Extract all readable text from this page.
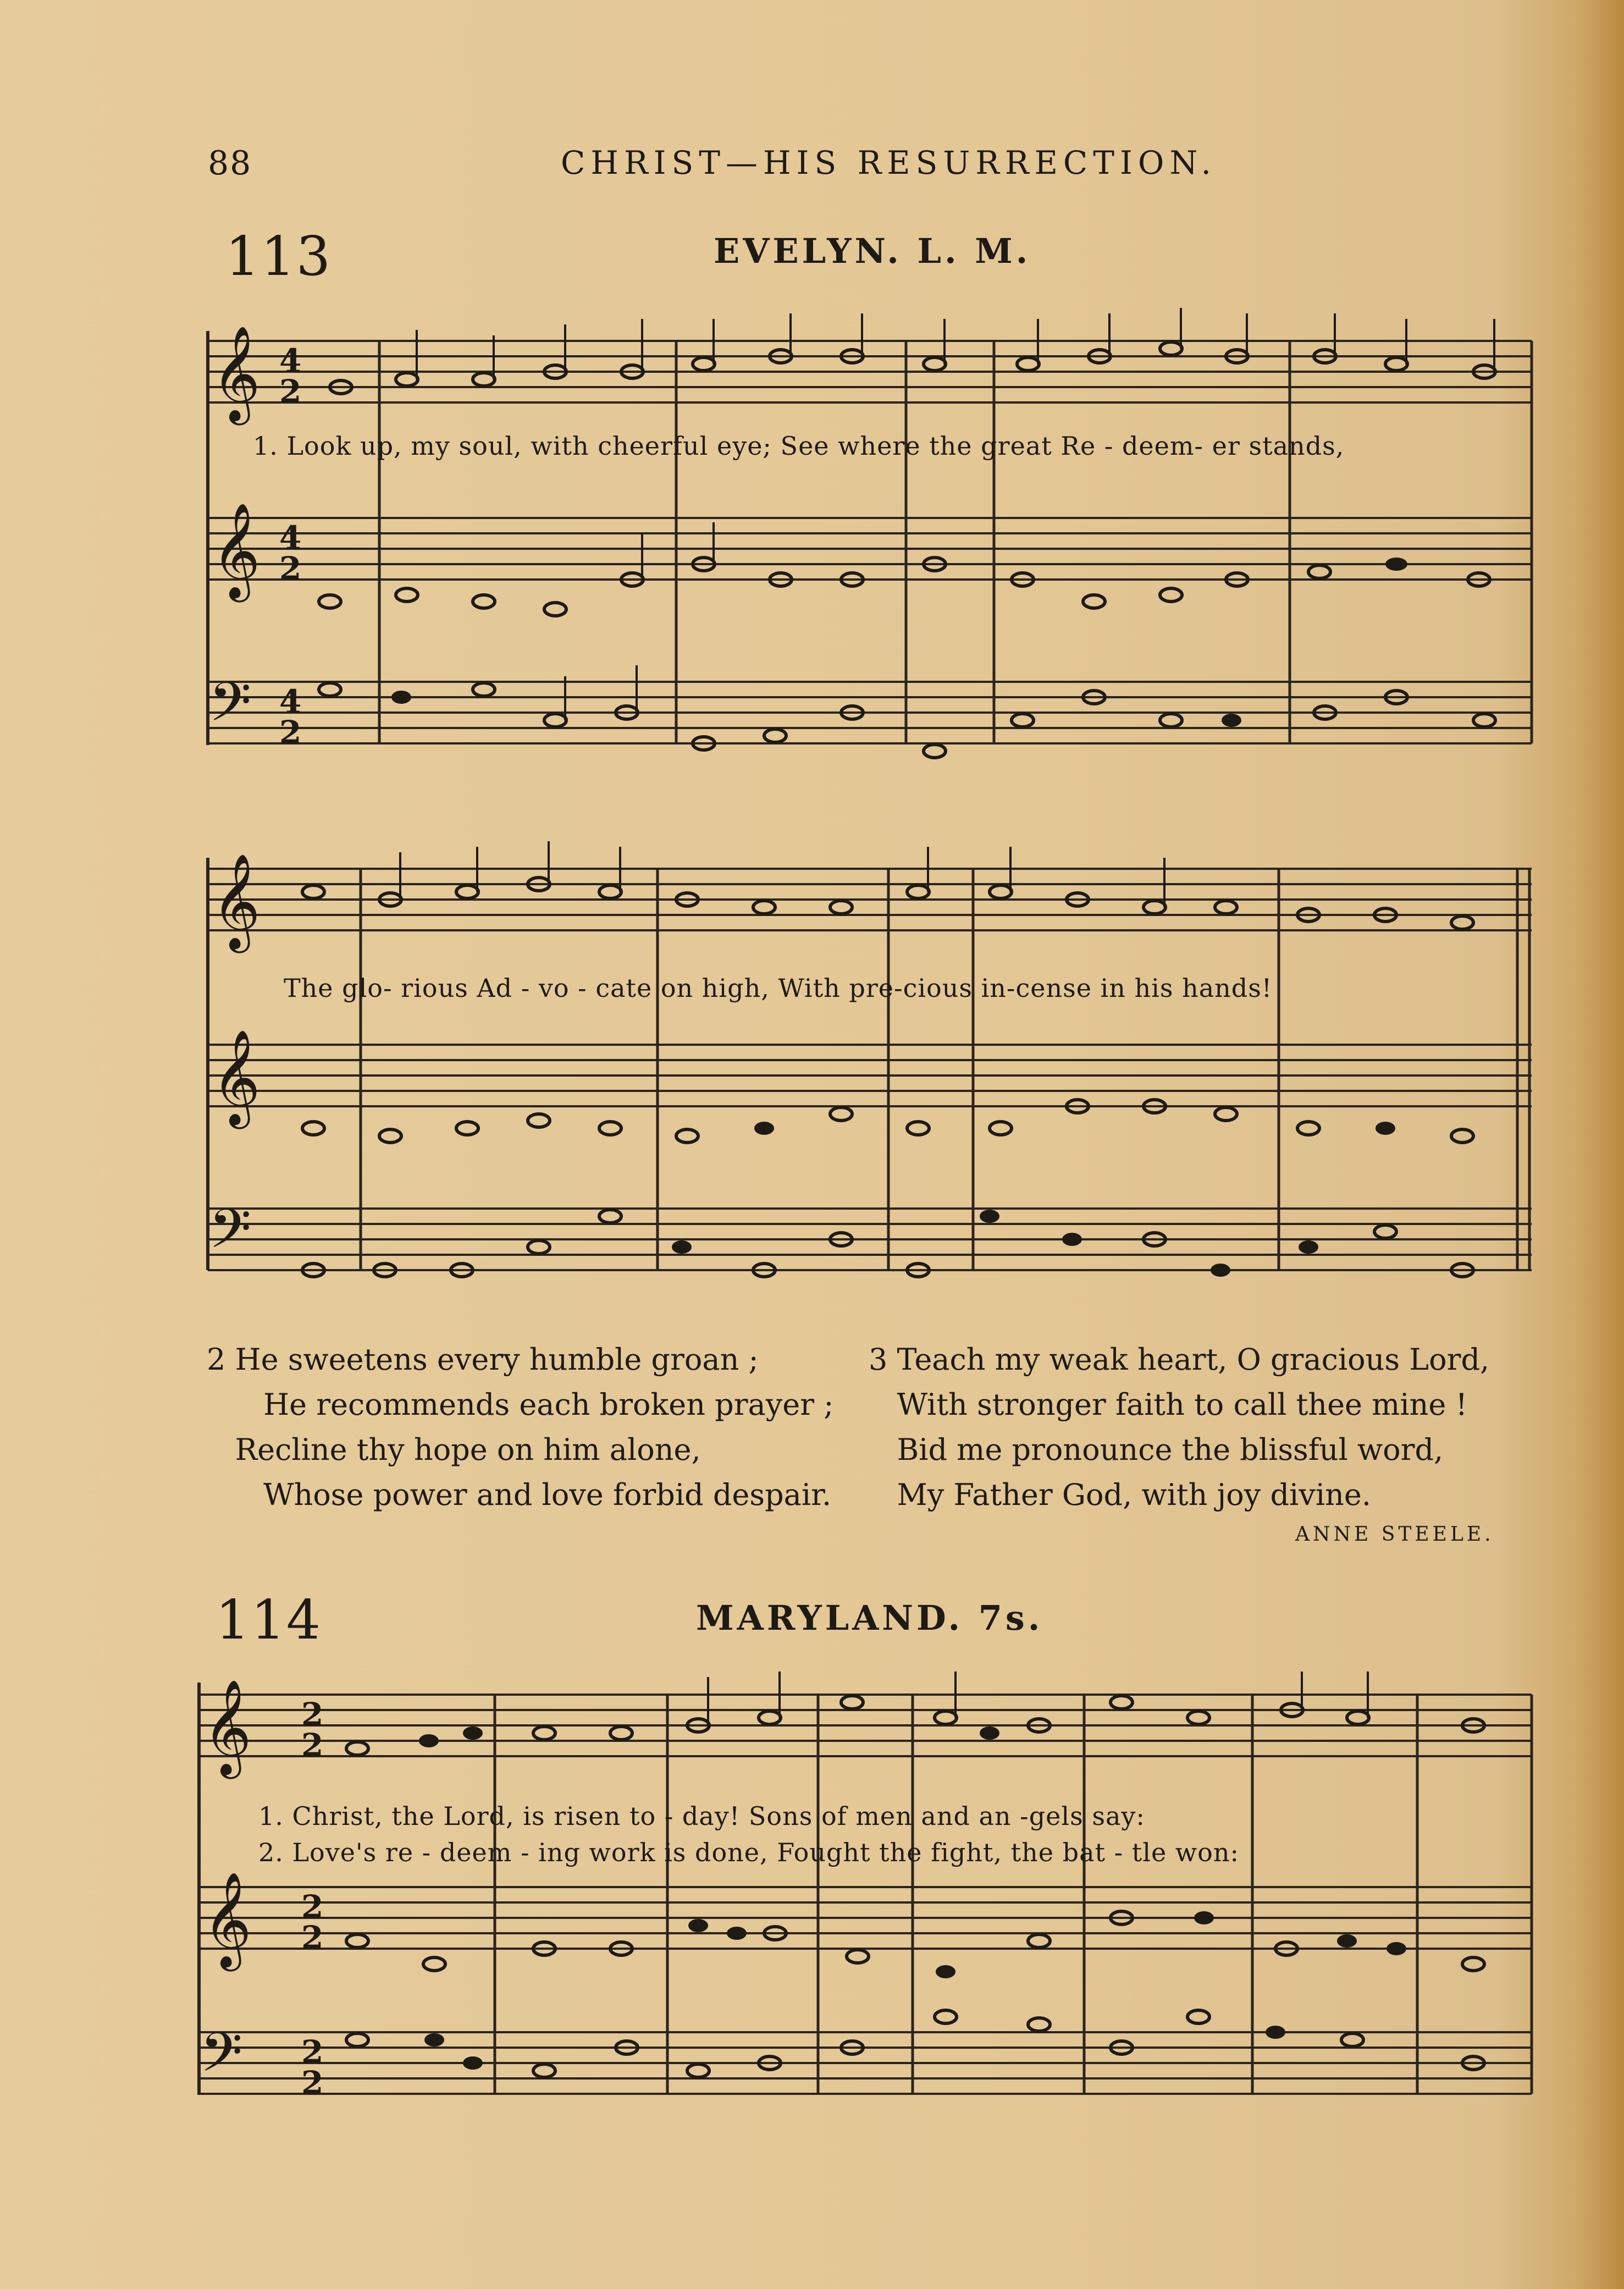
88	CHRIST—HIS RESURRECTION.
113	EVELYN. L. M.
𝄞
𝄞
𝄢
4
2
4
2
4
2
𝄞
𝄞
𝄢
𝄞
𝄞
𝄢
2
2
2
2
2
2
1. Look up, my soul, with cheerful eye; See where the great Re - deem- er stands,
The glo- rious Ad - vo - cate on high, With pre-cious in-cense in his hands!
2 He sweetens every humble groan ;
He recommends each broken prayer ;
Recline thy hope on him alone,
Whose power and love forbid despair.
3 Teach my weak heart, O gracious Lord,
With stronger faith to call thee mine !
Bid me pronounce the blissful word,
My Father God, with joy divine.
ANNE STEELE.
114	MARYLAND. 7s.
1. Christ, the Lord, is risen to - day! Sons of men and an -gels say:
2. Love's re - deem - ing work is done, Fought the fight, the bat - tle won:
